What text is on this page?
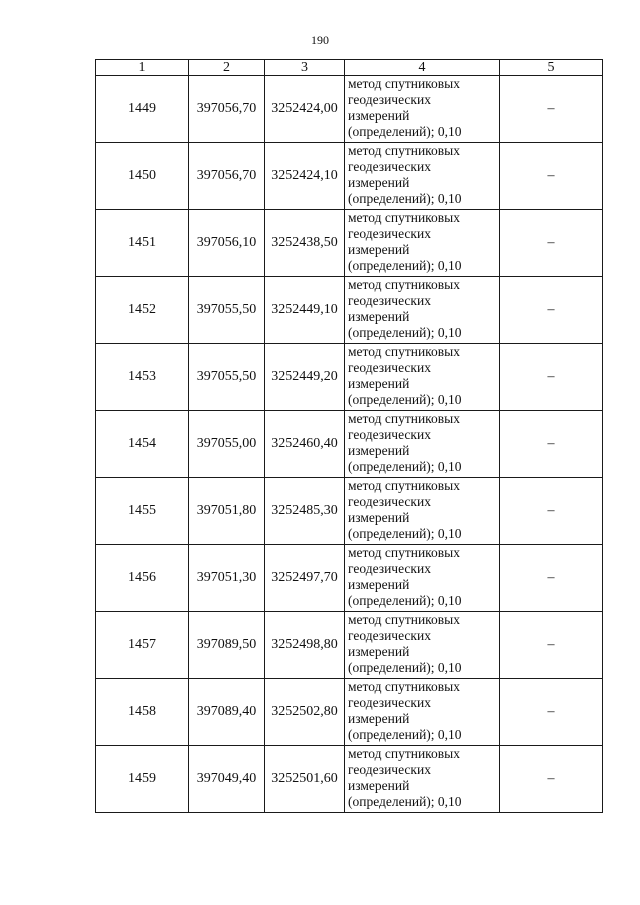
190
1	2	3	4	5
1449	397056,70	3252424,00	метод спутниковых
геодезических
измерений
(определений); 0,10	–
1450	397056,70	3252424,10	метод спутниковых
геодезических
измерений
(определений); 0,10	–
1451	397056,10	3252438,50	метод спутниковых
геодезических
измерений
(определений); 0,10	–
1452	397055,50	3252449,10	метод спутниковых
геодезических
измерений
(определений); 0,10	–
1453	397055,50	3252449,20	метод спутниковых
геодезических
измерений
(определений); 0,10	–
1454	397055,00	3252460,40	метод спутниковых
геодезических
измерений
(определений); 0,10	–
1455	397051,80	3252485,30	метод спутниковых
геодезических
измерений
(определений); 0,10	–
1456	397051,30	3252497,70	метод спутниковых
геодезических
измерений
(определений); 0,10	–
1457	397089,50	3252498,80	метод спутниковых
геодезических
измерений
(определений); 0,10	–
1458	397089,40	3252502,80	метод спутниковых
геодезических
измерений
(определений); 0,10	–
1459	397049,40	3252501,60	метод спутниковых
геодезических
измерений
(определений); 0,10	–
